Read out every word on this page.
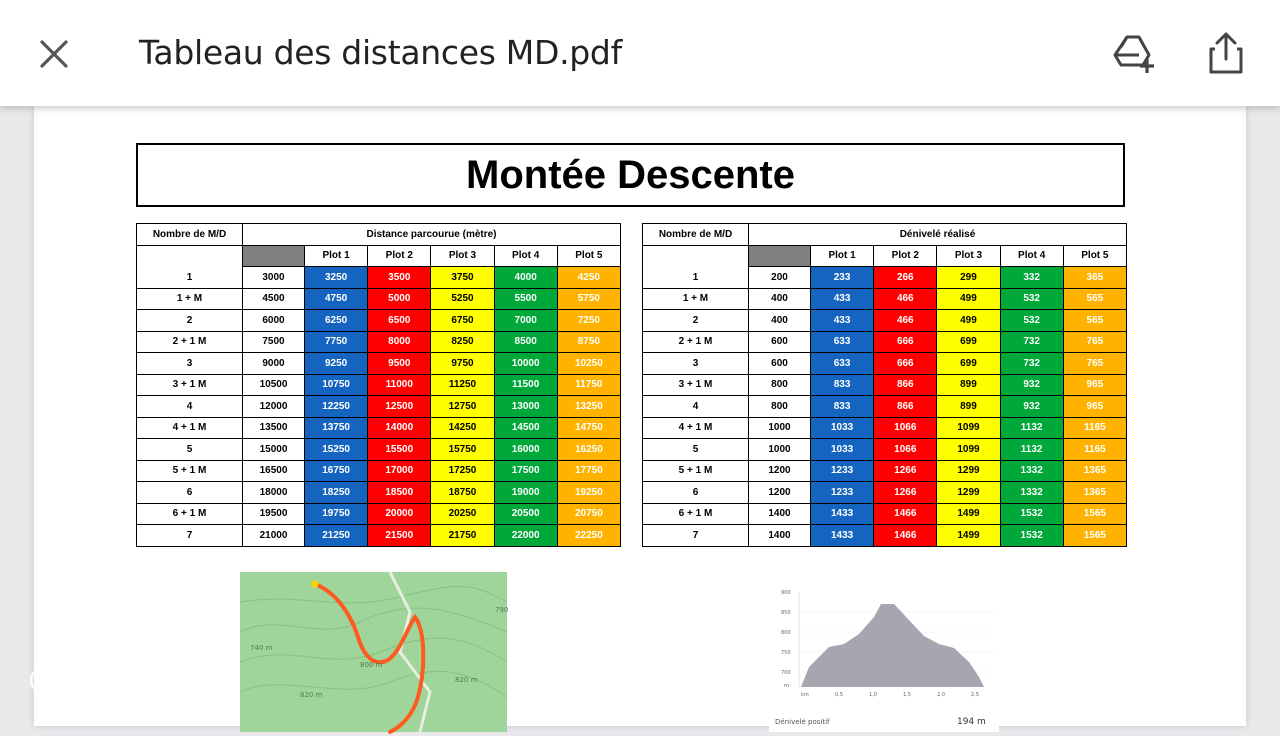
Tableau des distances MD.pdf
Montée Descente
Nombre de M/D	Distance parcourue (mètre)					
		Plot 1	Plot 2	Plot 3	Plot 4	Plot 5
1	3000	3250	3500	3750	4000	4250
1 + M	4500	4750	5000	5250	5500	5750
2	6000	6250	6500	6750	7000	7250
2 + 1 M	7500	7750	8000	8250	8500	8750
3	9000	9250	9500	9750	10000	10250
3 + 1 M	10500	10750	11000	11250	11500	11750
4	12000	12250	12500	12750	13000	13250
4 + 1 M	13500	13750	14000	14250	14500	14750
5	15000	15250	15500	15750	16000	16250
5 + 1 M	16500	16750	17000	17250	17500	17750
6	18000	18250	18500	18750	19000	19250
6 + 1 M	19500	19750	20000	20250	20500	20750
7	21000	21250	21500	21750	22000	22250
Nombre de M/D	Dénivelé réalisé					
		Plot 1	Plot 2	Plot 3	Plot 4	Plot 5
1	200	233	266	299	332	365
1 + M	400	433	466	499	532	565
2	400	433	466	499	532	565
2 + 1 M	600	633	666	699	732	765
3	600	633	666	699	732	765
3 + 1 M	800	833	866	899	932	965
4	800	833	866	899	932	965
4 + 1 M	1000	1033	1066	1099	1132	1165
5	1000	1033	1066	1099	1132	1165
5 + 1 M	1200	1233	1266	1299	1332	1365
6	1200	1233	1266	1299	1332	1365
6 + 1 M	1400	1433	1466	1499	1532	1565
7	1400	1433	1466	1499	1532	1565
740 m
820 m
800 m
820 m
790
900
850
800
750
700
m
km	0,5	1,0	1,5	2,0	2,5
Dénivelé positif	194 m
C us
